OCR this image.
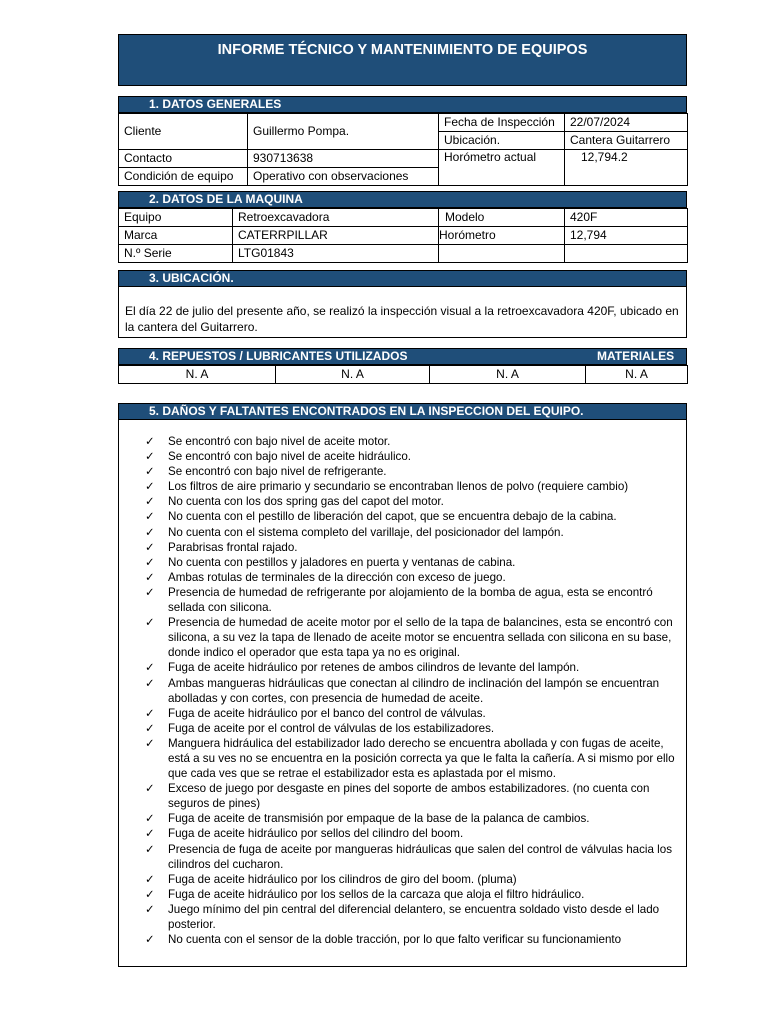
INFORME TÉCNICO Y MANTENIMIENTO DE EQUIPOS
1. DATOS GENERALES
Cliente	Guillermo Pompa.	Fecha de Inspección	22/07/2024
		Ubicación.	Cantera Guitarrero
Contacto	930713638	Horómetro actual	12,794.2
Condición de equipo	Operativo con observaciones		
2. DATOS DE LA MAQUINA
Equipo	Retroexcavadora	Modelo	420F
Marca	CATERRPILLAR	Horómetro	12,794
N.º Serie	LTG01843		
3. UBICACIÓN.
El día 22 de julio del presente año, se realizó la inspección visual a la retroexcavadora 420F, ubicado en la cantera del Guitarrero.
4. REPUESTOS / LUBRICANTES UTILIZADOS	MATERIALES
N. A	N. A	N. A	N. A
5. DAÑOS Y FALTANTES ENCONTRADOS EN LA INSPECCION DEL EQUIPO.
✓ Se encontró con bajo nivel de aceite motor.
✓ Se encontró con bajo nivel de aceite hidráulico.
✓ Se encontró con bajo nivel de refrigerante.
✓ Los filtros de aire primario y secundario se encontraban llenos de polvo (requiere cambio)
✓ No cuenta con los dos spring gas del capot del motor.
✓ No cuenta con el pestillo de liberación del capot, que se encuentra debajo de la cabina.
✓ No cuenta con el sistema completo del varillaje, del posicionador del lampón.
✓ Parabrisas frontal rajado.
✓ No cuenta con pestillos y jaladores en puerta y ventanas de cabina.
✓ Ambas rotulas de terminales de la dirección con exceso de juego.
✓ Presencia de humedad de refrigerante por alojamiento de la bomba de agua, esta se encontró sellada con silicona.
✓ Presencia de humedad de aceite motor por el sello de la tapa de balancines, esta se encontró con silicona, a su vez la tapa de llenado de aceite motor se encuentra sellada con silicona en su base, donde indico el operador que esta tapa ya no es original.
✓ Fuga de aceite hidráulico por retenes de ambos cilindros de levante del lampón.
✓ Ambas mangueras hidráulicas que conectan al cilindro de inclinación del lampón se encuentran abolladas y con cortes, con presencia de humedad de aceite.
✓ Fuga de aceite hidráulico por el banco del control de válvulas.
✓ Fuga de aceite por el control de válvulas de los estabilizadores.
✓ Manguera hidráulica del estabilizador lado derecho se encuentra abollada y con fugas de aceite, está a su ves no se encuentra en la posición correcta ya que le falta la cañería. A si mismo por ello que cada ves que se retrae el estabilizador esta es aplastada por el mismo.
✓ Exceso de juego por desgaste en pines del soporte de ambos estabilizadores. (no cuenta con seguros de pines)
✓ Fuga de aceite de transmisión por empaque de la base de la palanca de cambios.
✓ Fuga de aceite hidráulico por sellos del cilindro del boom.
✓ Presencia de fuga de aceite por mangueras hidráulicas que salen del control de válvulas hacia los cilindros del cucharon.
✓ Fuga de aceite hidráulico por los cilindros de giro del boom. (pluma)
✓ Fuga de aceite hidráulico por los sellos de la carcaza que aloja el filtro hidráulico.
✓ Juego mínimo del pin central del diferencial delantero, se encuentra soldado visto desde el lado posterior.
✓ No cuenta con el sensor de la doble tracción, por lo que falto verificar su funcionamiento
